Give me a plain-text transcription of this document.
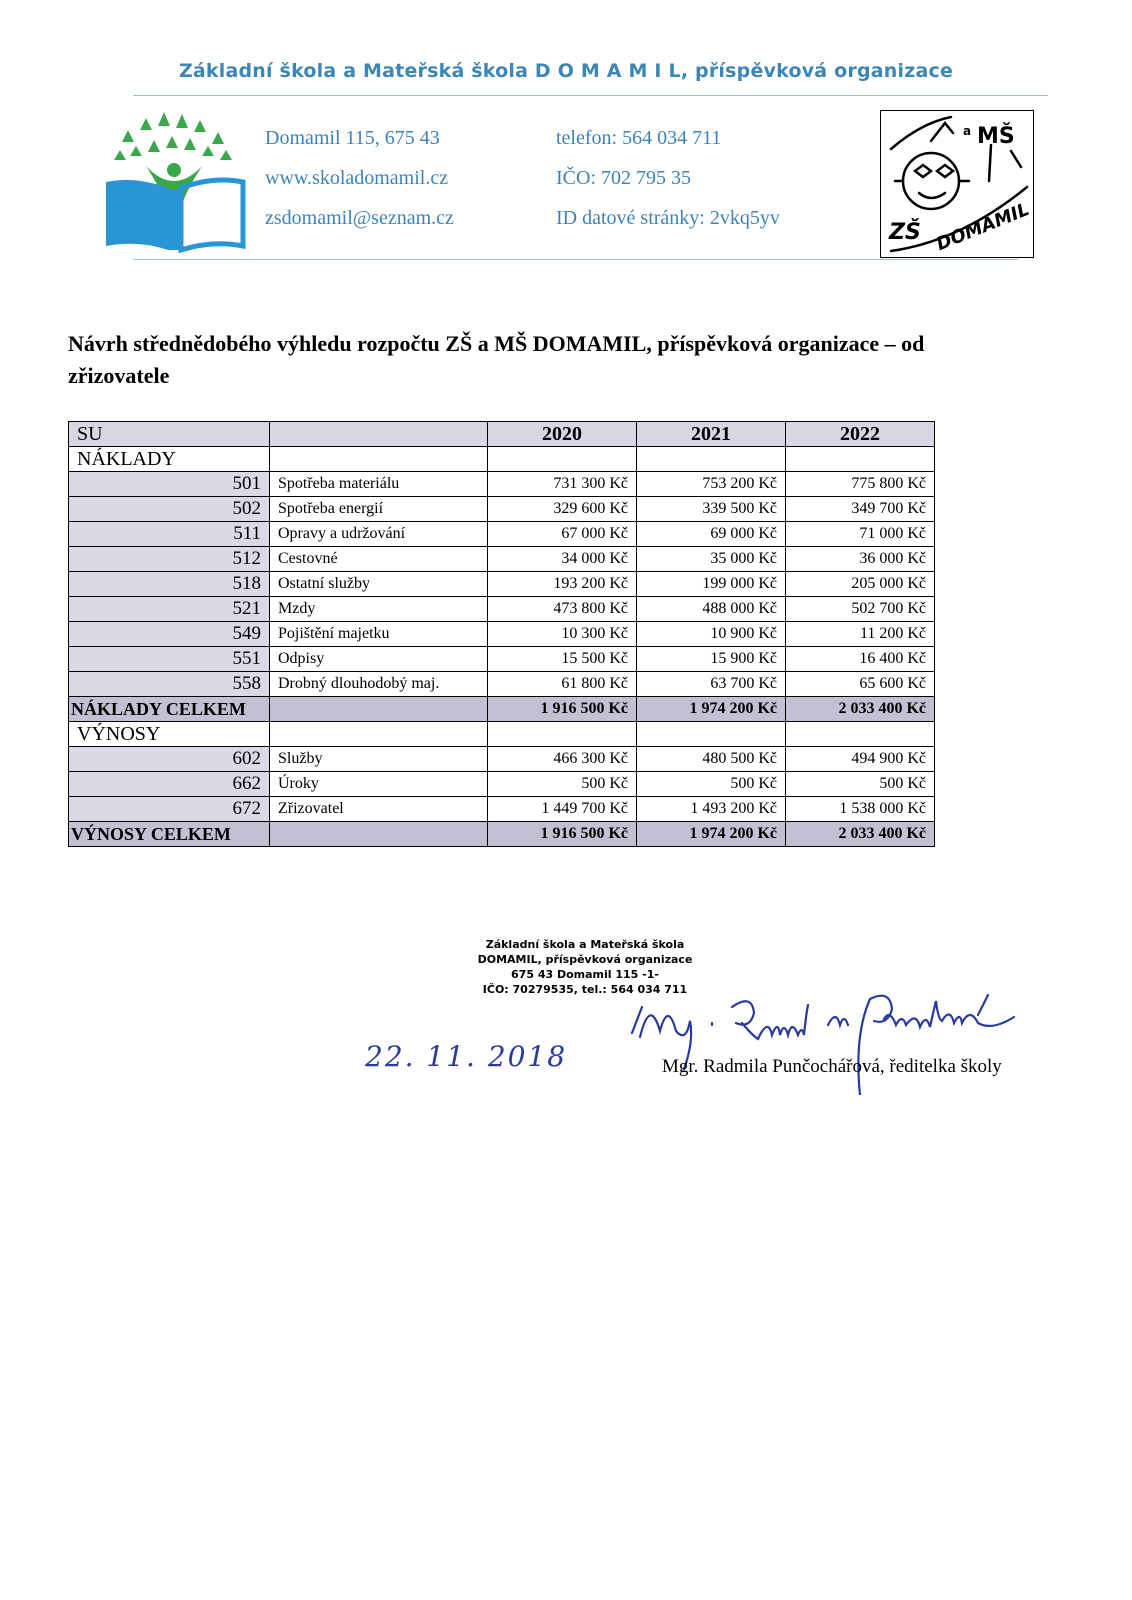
Základní škola a Mateřská škola D O M A M I L, příspěvková organizace
Domamil 115, 675 43
www.skoladomamil.cz
zsdomamil@seznam.cz
telefon: 564 034 711
IČO: 702 795 35
ID datové stránky: 2vkq5yv
MŠ
a
ZŠ DOMAMIL
Návrh střednědobého výhledu rozpočtu ZŠ a MŠ DOMAMIL, příspěvková organizace – od zřizovatele
SU		2020	2021	2022
NÁKLADY				
501	Spotřeba materiálu	731 300 Kč	753 200 Kč	775 800 Kč
502	Spotřeba energií	329 600 Kč	339 500 Kč	349 700 Kč
511	Opravy a udržování	67 000 Kč	69 000 Kč	71 000 Kč
512	Cestovné	34 000 Kč	35 000 Kč	36 000 Kč
518	Ostatní služby	193 200 Kč	199 000 Kč	205 000 Kč
521	Mzdy	473 800 Kč	488 000 Kč	502 700 Kč
549	Pojištění majetku	10 300 Kč	10 900 Kč	11 200 Kč
551	Odpisy	15 500 Kč	15 900 Kč	16 400 Kč
558	Drobný dlouhodobý maj.	61 800 Kč	63 700 Kč	65 600 Kč
NÁKLADY CELKEM		1 916 500 Kč	1 974 200 Kč	2 033 400 Kč
VÝNOSY				
602	Služby	466 300 Kč	480 500 Kč	494 900 Kč
662	Úroky	500 Kč	500 Kč	500 Kč
672	Zřizovatel	1 449 700 Kč	1 493 200 Kč	1 538 000 Kč
VÝNOSY CELKEM		1 916 500 Kč	1 974 200 Kč	2 033 400 Kč
Základní škola a Mateřská škola
DOMAMIL, příspěvková organizace
675 43 Domamil 115 -1-
IČO: 70279535, tel.: 564 034 711
22. 11. 2018	Mgr. Radmila Punčochářová, ředitelka školy
